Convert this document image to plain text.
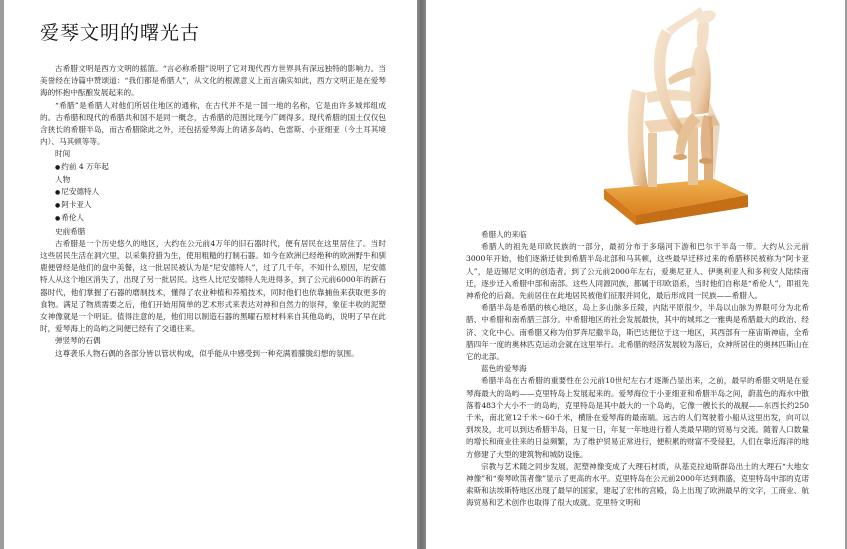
爱琴文明的曙光古

古希腊文明是西方文明的摇篮。“言必称希腊”说明了它对现代西方世界具有深远独特的影响力。当美誉经在诗篇中赞颂道：“我们都是希腊人”，从文化的根源意义上而言确实如此，西方文明正是在爱琴海的怀抱中酝酿发展起来的。

“希腊”是希腊人对他们所居住地区的通称，在古代并不是一国一地的名称，它是由许多城邦组成的。古希腊和现代的希腊共和国不是同一概念，古希腊的范围比现今广阔得多。现代希腊的国土仅仅包含狭长的希腊半岛，而古希腊除此之外，还包括爱琴海上的诸多岛屿、色雷斯、小亚细亚（今土耳其境内）、马其顿等等。

时间
● 约前 4 万年起
人物
● 尼安德特人
● 阿卡亚人
● 希伦人
史前希腊

古希腊是一个历史悠久的地区，大约在公元前4万年的旧石器时代，便有居民在这里居住了。当时这些居民生活在洞穴里，以采集狩猎为生，使用粗糙的打制石器。如今在欧洲已经绝种的欧洲野牛和驯鹿便曾经是他们的盘中美餐，这一批居民被认为是“尼安德特人”，过了几千年，不知什么原因，尼安德特人从这个地区消失了，出现了另一批居民。这些人比尼安德特人先进得多，到了公元前6000年的新石器时代，他们掌握了石器的磨制技术，懂得了农业种植和养殖技术，同时他们也依靠捕鱼来获取更多的食物。满足了物质需要之后，他们开始用简单的艺术形式来表达对神和自然力的崇拜，象征丰收的泥塑女神像就是一个明证。值得注意的是，他们用以制造石器的黑曜石原材料来自其他岛屿，说明了早在此时，爱琴海上的岛屿之间便已经有了交通往来。

弹竖琴的石偶

这尊袭乐人物石偶的各部分皆以管状构成，似乎能从中感受到一种充满着朦胧幻想的氛围。

希腊人的来临

希腊人的祖先是印欧民族的一部分，最初分布于多瑙河下游和巴尔干半岛一带。大约从公元前3000年开始，他们逐渐迁徙到希腊半岛北部和马其顿，这些最早迁移过来的希腊移民被称为“阿卡亚人”，是迈锡尼文明的创造者。到了公元前2000年左右，爱奥尼亚人、伊奥利亚人和多利安人陆续南迁，逐步迁入希腊中部和南部。这些人同源同族，都属于印欧语系，当时他们自称是“希伦人”，即祖先神希伦的后裔。先前居住在此地居民被他们征服并同化，最后形成同一民族——希腊人。

希腊半岛是希腊的核心地区，岛上多山脉多丘陵，内陆平原很少，半岛以山脉为界限可分为北希腊、中希腊和南希腊三部分。中希腊地区的社会发展最快，其中的城邦之一雅典是希腊最大的政治、经济、文化中心。南希腊又称为伯罗奔尼撒半岛，斯巴达便位于这一地区，其西部有一座宙斯神庙，全希腊四年一度的奥林匹克运动会就在这里举行。北希腊的经济发展较为落后，众神所居住的奥林匹斯山在它的北部。

蓝色的爱琴海

希腊半岛在古希腊的重要性在公元前10世纪左右才逐渐凸显出来，之前，最早的希腊文明是在爱琴海最大的岛屿——克里特岛上发展起来的。爱琴海位于小亚细亚和希腊半岛之间，蔚蓝色的海水中散落着483个大小不一的岛屿，克里特岛是其中最大的一个岛屿，它像一艘长长的战舰——东西长约250千米，南北宽12千米～60千米，横卧在爱琴海的最南端。远古的人们驾驶着小船从这里出发，向可以到埃及，北可以到达希腊半岛，日复一日，年复一年地进行着人类最早期的贸易与交流。随着人口数量的增长和商业往来的日益频繁，为了维护贸易正常进行，便积累的财富不受侵犯，人们在靠近海洋的地方修建了大型的建筑物和城防设施。

宗教与艺术随之同步发展，泥塑神像变成了大理石材质，从基克拉迪斯群岛出土的大理石“大地女神像”和“奏琴欧笛者像”显示了更高的水平。克里特岛在公元前2000年达到鼎盛，克里特岛中部的克诺索斯和法埃斯特地区出现了最早的国家，建起了宏伟的宫殿，岛上出现了欧洲最早的文字，工商业、航海贸易和艺术创作也取得了很大成就。克里特文明和
